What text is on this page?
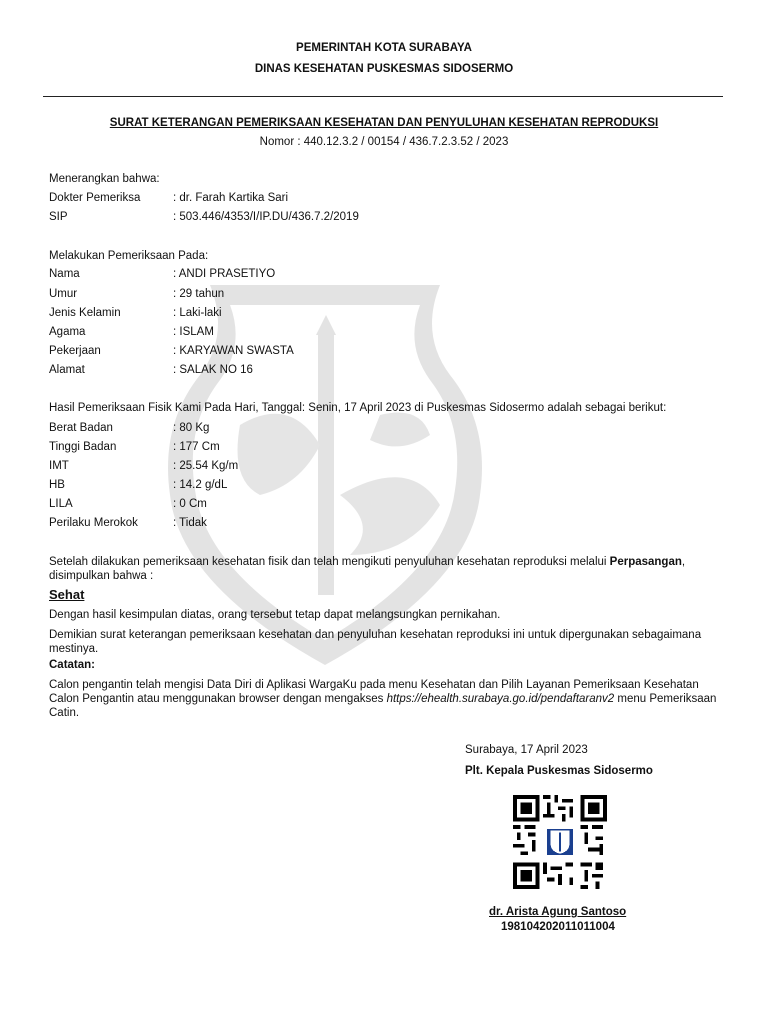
PEMERINTAH KOTA SURABAYA
DINAS KESEHATAN PUSKESMAS SIDOSERMO
SURAT KETERANGAN PEMERIKSAAN KESEHATAN DAN PENYULUHAN KESEHATAN REPRODUKSI
Nomor : 440.12.3.2 / 00154 / 436.7.2.3.52 / 2023
Menerangkan bahwa:
Dokter Pemeriksa	: dr. Farah Kartika Sari
SIP	: 503.446/4353/I/IP.DU/436.7.2/2019
Melakukan Pemeriksaan Pada:
Nama	: ANDI PRASETIYO
Umur	: 29 tahun
Jenis Kelamin	: Laki-laki
Agama	: ISLAM
Pekerjaan	: KARYAWAN SWASTA
Alamat	: SALAK NO 16
Hasil Pemeriksaan Fisik Kami Pada Hari, Tanggal: Senin, 17 April 2023 di Puskesmas Sidosermo adalah sebagai berikut:
Berat Badan	: 80 Kg
Tinggi Badan	: 177 Cm
IMT	: 25.54 Kg/m
HB	: 14.2 g/dL
LILA	: 0 Cm
Perilaku Merokok	: Tidak
Setelah dilakukan pemeriksaan kesehatan fisik dan telah mengikuti penyuluhan kesehatan reproduksi melalui Perpasangan,
disimpulkan bahwa :
Sehat
Dengan hasil kesimpulan diatas, orang tersebut tetap dapat melangsungkan pernikahan.
Demikian surat keterangan pemeriksaan kesehatan dan penyuluhan kesehatan reproduksi ini untuk dipergunakan sebagaimana mestinya.
Catatan:
Calon pengantin telah mengisi Data Diri di Aplikasi WargaKu pada menu Kesehatan dan Pilih Layanan Pemeriksaan Kesehatan Calon Pengantin atau menggunakan browser dengan mengakses https://ehealth.surabaya.go.id/pendaftaranv2 menu Pemeriksaan Catin.
Surabaya, 17 April 2023
Plt. Kepala Puskesmas Sidosermo
dr. Arista Agung Santoso
198104202011011004
